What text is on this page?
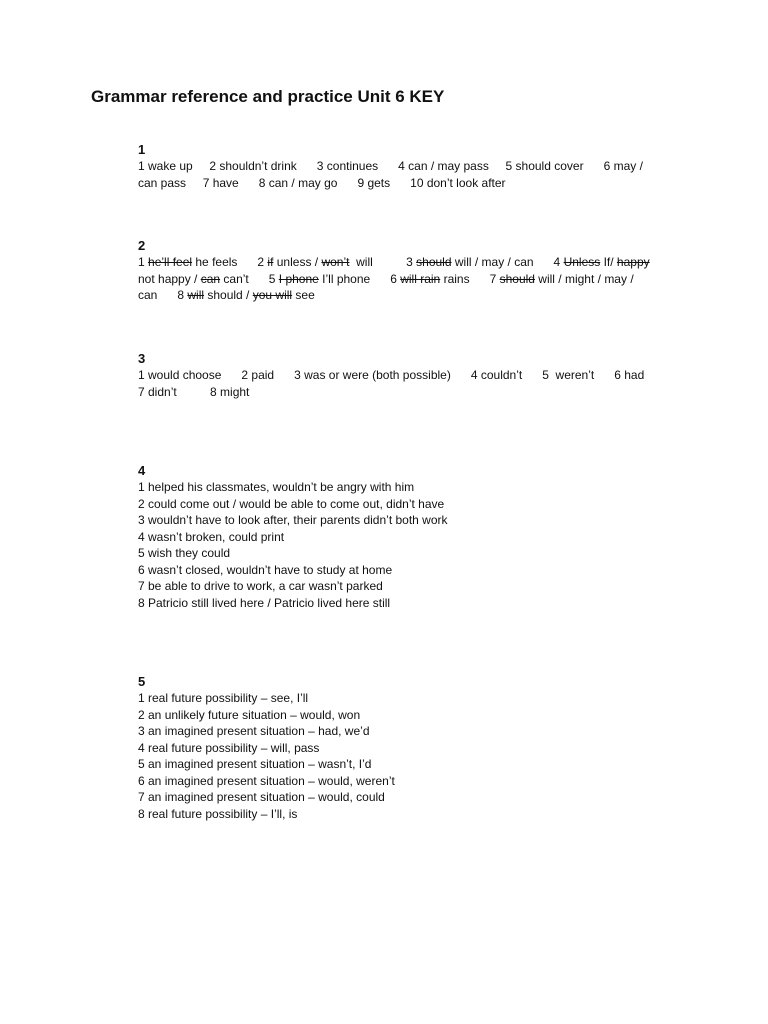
Grammar reference and practice Unit 6 KEY
1
1 wake up     2 shouldn’t drink      3 continues      4 can / may pass     5 should cover      6 may /
can pass     7 have      8 can / may go      9 gets      10 don’t look after
2
1 he’ll feel he feels      2 if unless / won’t  will          3 should will / may / can      4 Unless If/ happy
not happy / can can’t      5 I phone I’ll phone      6 will rain rains      7 should will / might / may /
can      8 will should / you will see
3
1 would choose      2 paid      3 was or were (both possible)      4 couldn’t      5  weren’t      6 had
7 didn’t          8 might
4
1 helped his classmates, wouldn’t be angry with him
2 could come out / would be able to come out, didn’t have
3 wouldn’t have to look after, their parents didn’t both work
4 wasn’t broken, could print
5 wish they could
6 wasn’t closed, wouldn’t have to study at home
7 be able to drive to work, a car wasn’t parked
8 Patricio still lived here / Patricio lived here still
5
1 real future possibility – see, I’ll
2 an unlikely future situation – would, won
3 an imagined present situation – had, we’d
4 real future possibility – will, pass
5 an imagined present situation – wasn’t, I’d
6 an imagined present situation – would, weren’t
7 an imagined present situation – would, could
8 real future possibility – I’ll, is
